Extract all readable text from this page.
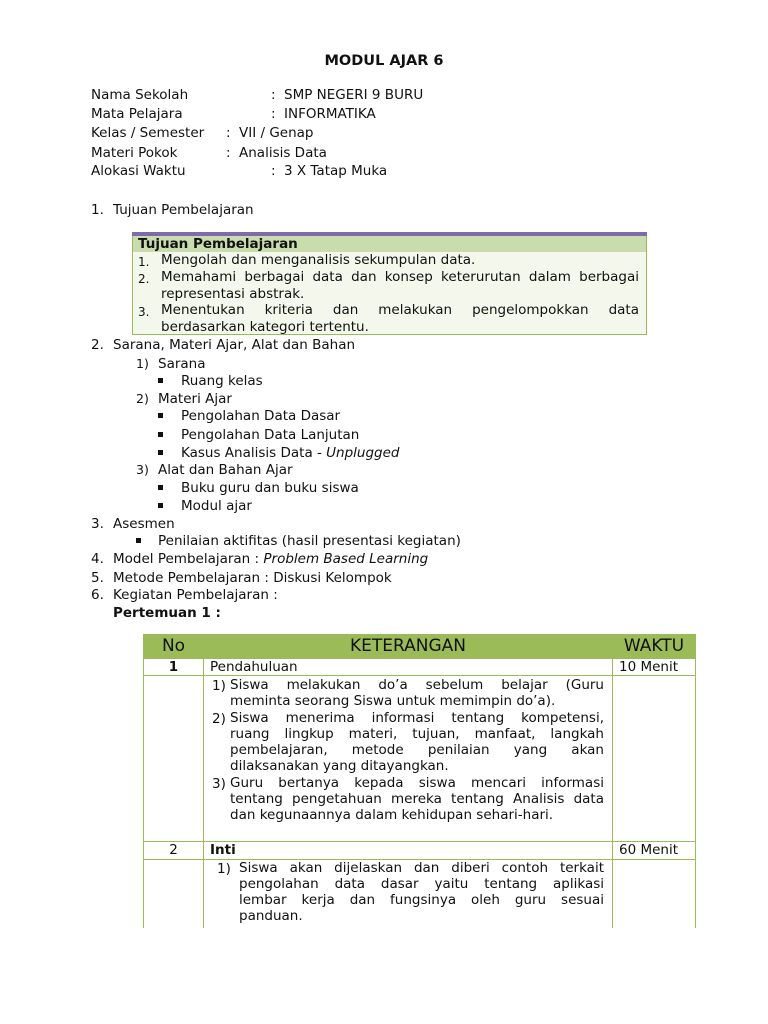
MODUL AJAR 6
Nama Sekolah	: SMP NEGERI 9 BURU
Mata Pelajara	: INFORMATIKA
Kelas / Semester : VII / Genap
Materi Pokok	: Analisis Data
Alokasi Waktu	: 3 X Tatap Muka
1. Tujuan Pembelajaran
Tujuan Pembelajaran
1. Mengolah dan menganalisis sekumpulan data.
2. Memahami berbagai data dan konsep keterurutan dalam berbagai
representasi abstrak.
3. Menentukan kriteria dan melakukan pengelompokkan data
berdasarkan kategori tertentu.
2. Sarana, Materi Ajar, Alat dan Bahan
1) Sarana
Ruang kelas
2) Materi Ajar
Pengolahan Data Dasar
Pengolahan Data Lanjutan
Kasus Analisis Data - Unplugged
3) Alat dan Bahan Ajar
Buku guru dan buku siswa
Modul ajar
3. Asesmen
Penilaian aktifitas (hasil presentasi kegiatan)
4. Model Pembelajaran : Problem Based Learning
5. Metode Pembelajaran : Diskusi Kelompok
6. Kegiatan Pembelajaran :
Pertemuan 1 :
No	KETERANGAN	WAKTU
1	Pendahuluan	10 Menit
1) Siswa melakukan do’a sebelum belajar (Guru
meminta seorang Siswa untuk memimpin do’a).
2) Siswa menerima informasi tentang kompetensi,
ruang lingkup materi, tujuan, manfaat, langkah
pembelajaran, metode penilaian yang akan
dilaksanakan yang ditayangkan.
3) Guru bertanya kepada siswa mencari informasi
tentang pengetahuan mereka tentang Analisis data
dan kegunaannya dalam kehidupan sehari-hari.
2	Inti	60 Menit
1) Siswa akan dijelaskan dan diberi contoh terkait
pengolahan data dasar yaitu tentang aplikasi
lembar kerja dan fungsinya oleh guru sesuai
panduan.
